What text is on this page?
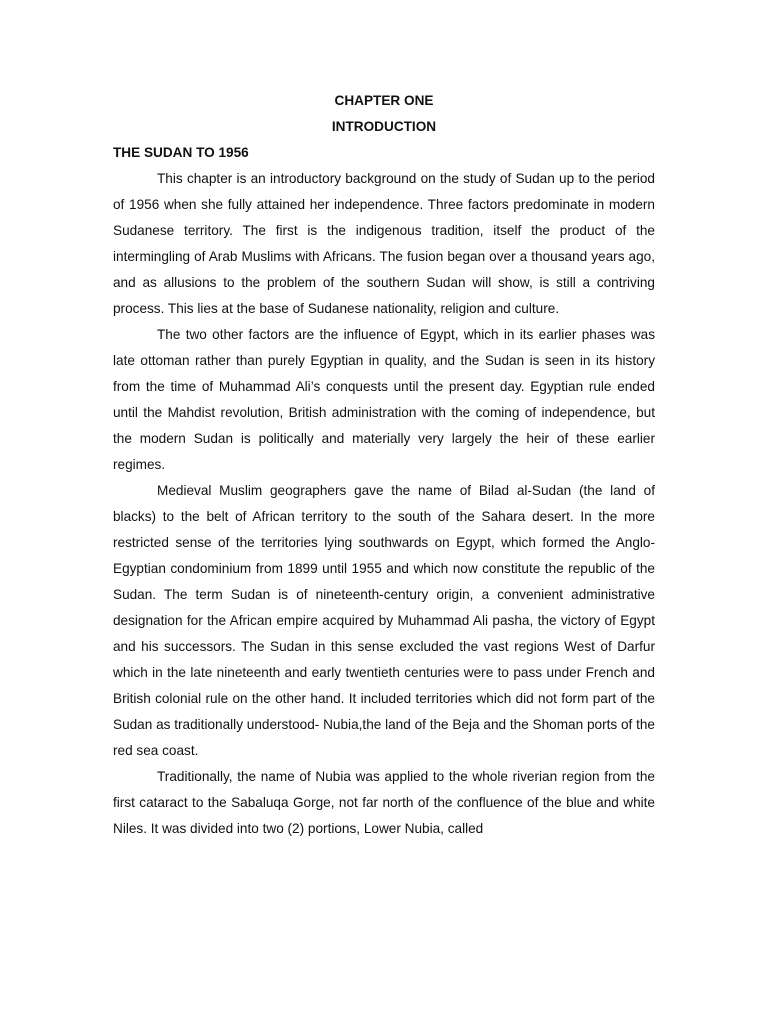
CHAPTER ONE

INTRODUCTION

THE SUDAN TO 1956

This chapter is an introductory background on the study of Sudan up to the period of 1956 when she fully attained her independence. Three factors predominate in modern Sudanese territory. The first is the indigenous tradition, itself the product of the intermingling of Arab Muslims with Africans. The fusion began over a thousand years ago, and as allusions to the problem of the southern Sudan will show, is still a contriving process. This lies at the base of Sudanese nationality, religion and culture.

The two other factors are the influence of Egypt, which in its earlier phases was late ottoman rather than purely Egyptian in quality, and the Sudan is seen in its history from the time of Muhammad Ali’s conquests until the present day. Egyptian rule ended until the Mahdist revolution, British administration with the coming of independence, but the modern Sudan is politically and materially very largely the heir of these earlier regimes.

Medieval Muslim geographers gave the name of Bilad al-Sudan (the land of blacks) to the belt of African territory to the south of the Sahara desert. In the more restricted sense of the territories lying southwards on Egypt, which formed the Anglo-Egyptian condominium from 1899 until 1955 and which now constitute the republic of the Sudan. The term Sudan is of nineteenth-century origin, a convenient administrative designation for the African empire acquired by Muhammad Ali pasha, the victory of Egypt and his successors. The Sudan in this sense excluded the vast regions West of Darfur which in the late nineteenth and early twentieth centuries were to pass under French and British colonial rule on the other hand. It included territories which did not form part of the Sudan as traditionally understood- Nubia,the land of the Beja and the Shoman ports of the red sea coast.

Traditionally, the name of Nubia was applied to the whole riverian region from the first cataract to the Sabaluqa Gorge, not far north of the confluence of the blue and white Niles. It was divided into two (2) portions, Lower Nubia, called
